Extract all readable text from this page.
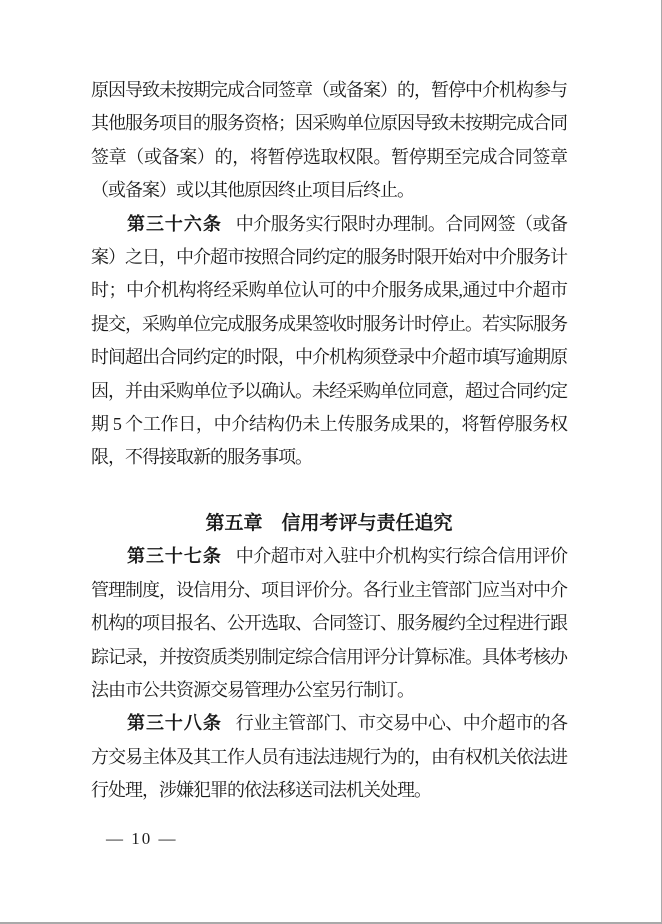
原因导致未按期完成合同签章（或备案）的，暂停中介机构参与其他服务项目的服务资格；因采购单位原因导致未按期完成合同签章（或备案）的，将暂停选取权限。暂停期至完成合同签章（或备案）或以其他原因终止项目后终止。

第三十六条 中介服务实行限时办理制。合同网签（或备案）之日，中介超市按照合同约定的服务时限开始对中介服务计时；中介机构将经采购单位认可的中介服务成果,通过中介超市提交，采购单位完成服务成果签收时服务计时停止。若实际服务时间超出合同约定的时限，中介机构须登录中介超市填写逾期原因，并由采购单位予以确认。未经采购单位同意，超过合同约定期 5 个工作日，中介结构仍未上传服务成果的，将暂停服务权限，不得接取新的服务事项。

第五章　信用考评与责任追究

第三十七条 中介超市对入驻中介机构实行综合信用评价管理制度，设信用分、项目评价分。各行业主管部门应当对中介机构的项目报名、公开选取、合同签订、服务履约全过程进行跟踪记录，并按资质类别制定综合信用评分计算标准。具体考核办法由市公共资源交易管理办公室另行制订。

第三十八条 行业主管部门、市交易中心、中介超市的各方交易主体及其工作人员有违法违规行为的，由有权机关依法进行处理，涉嫌犯罪的依法移送司法机关处理。

— 10 —
